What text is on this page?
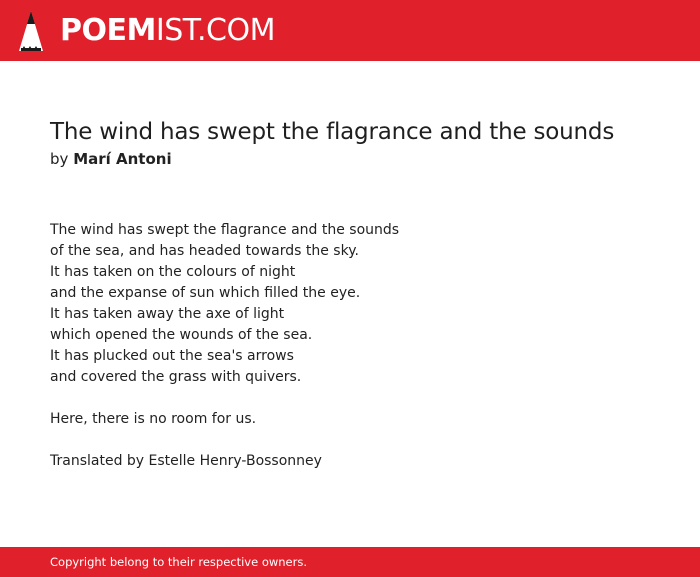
POEMIST.COM
The wind has swept the flagrance and the sounds
by Marí Antoni
The wind has swept the flagrance and the sounds
of the sea, and has headed towards the sky.
It has taken on the colours of night
and the expanse of sun which filled the eye.
It has taken away the axe of light
which opened the wounds of the sea.
It has plucked out the sea's arrows
and covered the grass with quivers.
Here, there is no room for us.
Translated by Estelle Henry-Bossonney
Copyright belong to their respective owners.
